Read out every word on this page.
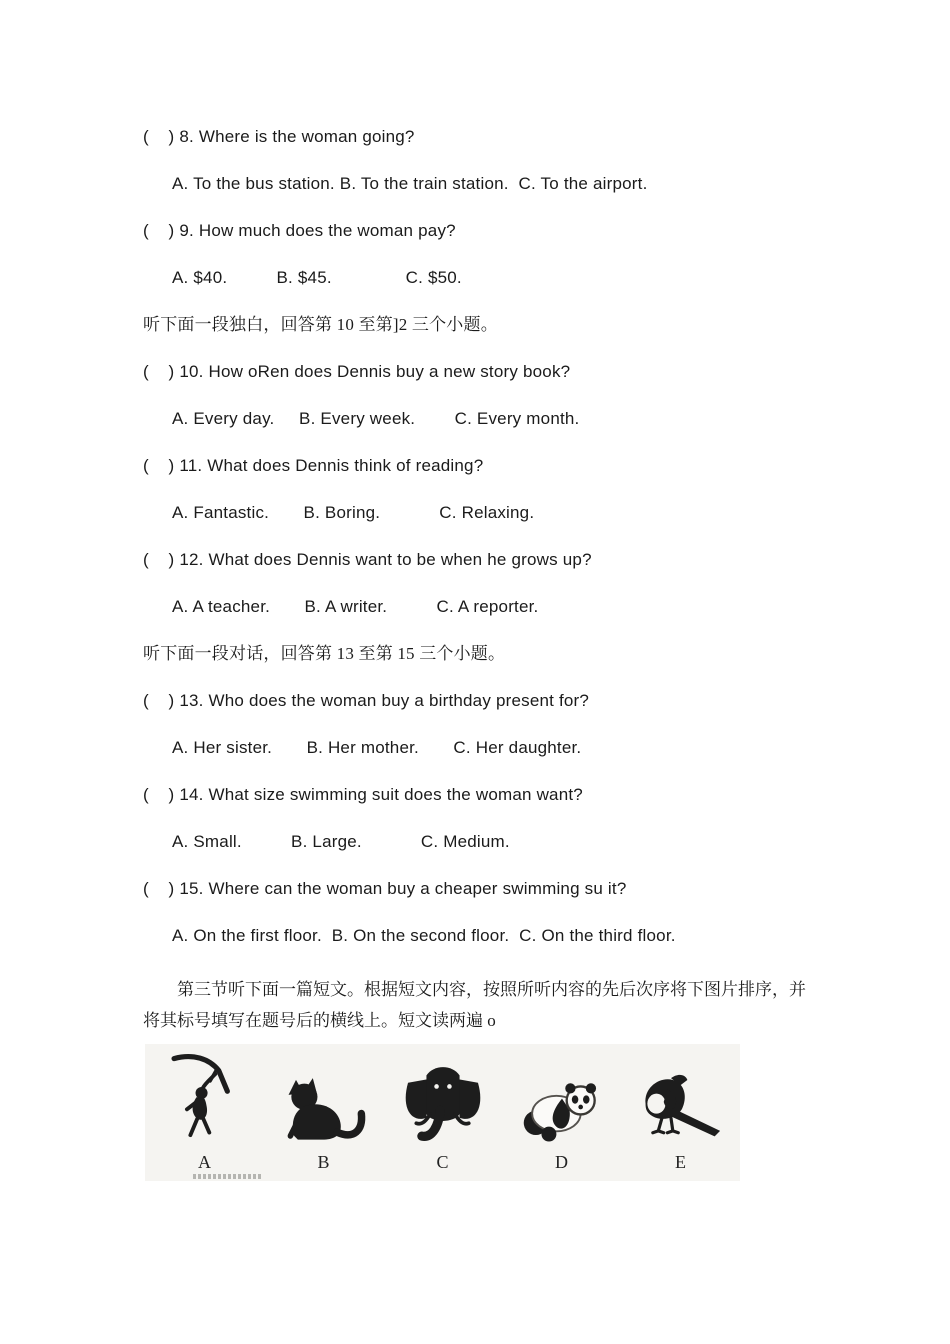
(    ) 8. Where is the woman going?

A. To the bus station. B. To the train station.  C. To the airport.

(    ) 9. How much does the woman pay?

A. $40.          B. $45.               C. $50.

听下面一段独白，回答第 10 至第]2 三个小题。

(    ) 10. How oRen does Dennis buy a new story book?

A. Every day.     B. Every week.        C. Every month.

(    ) 11. What does Dennis think of reading?

A. Fantastic.       B. Boring.            C. Relaxing.

(    ) 12. What does Dennis want to be when he grows up?

A. A teacher.       B. A writer.          C. A reporter.

听下面一段对话，回答第 13 至第 15 三个小题。

(    ) 13. Who does the woman buy a birthday present for?

A. Her sister.       B. Her mother.       C. Her daughter.

(    ) 14. What size swimming suit does the woman want?

A. Small.          B. Large.            C. Medium.

(    ) 15. Where can the woman buy a cheaper swimming su it?

A. On the first floor.  B. On the second floor.  C. On the third floor.

第三节听下面一篇短文。根据短文内容，按照所听内容的先后次序将下图片排序，并将其标号填写在题号后的横线上。短文读两遍 o

A	B	C	D	E
